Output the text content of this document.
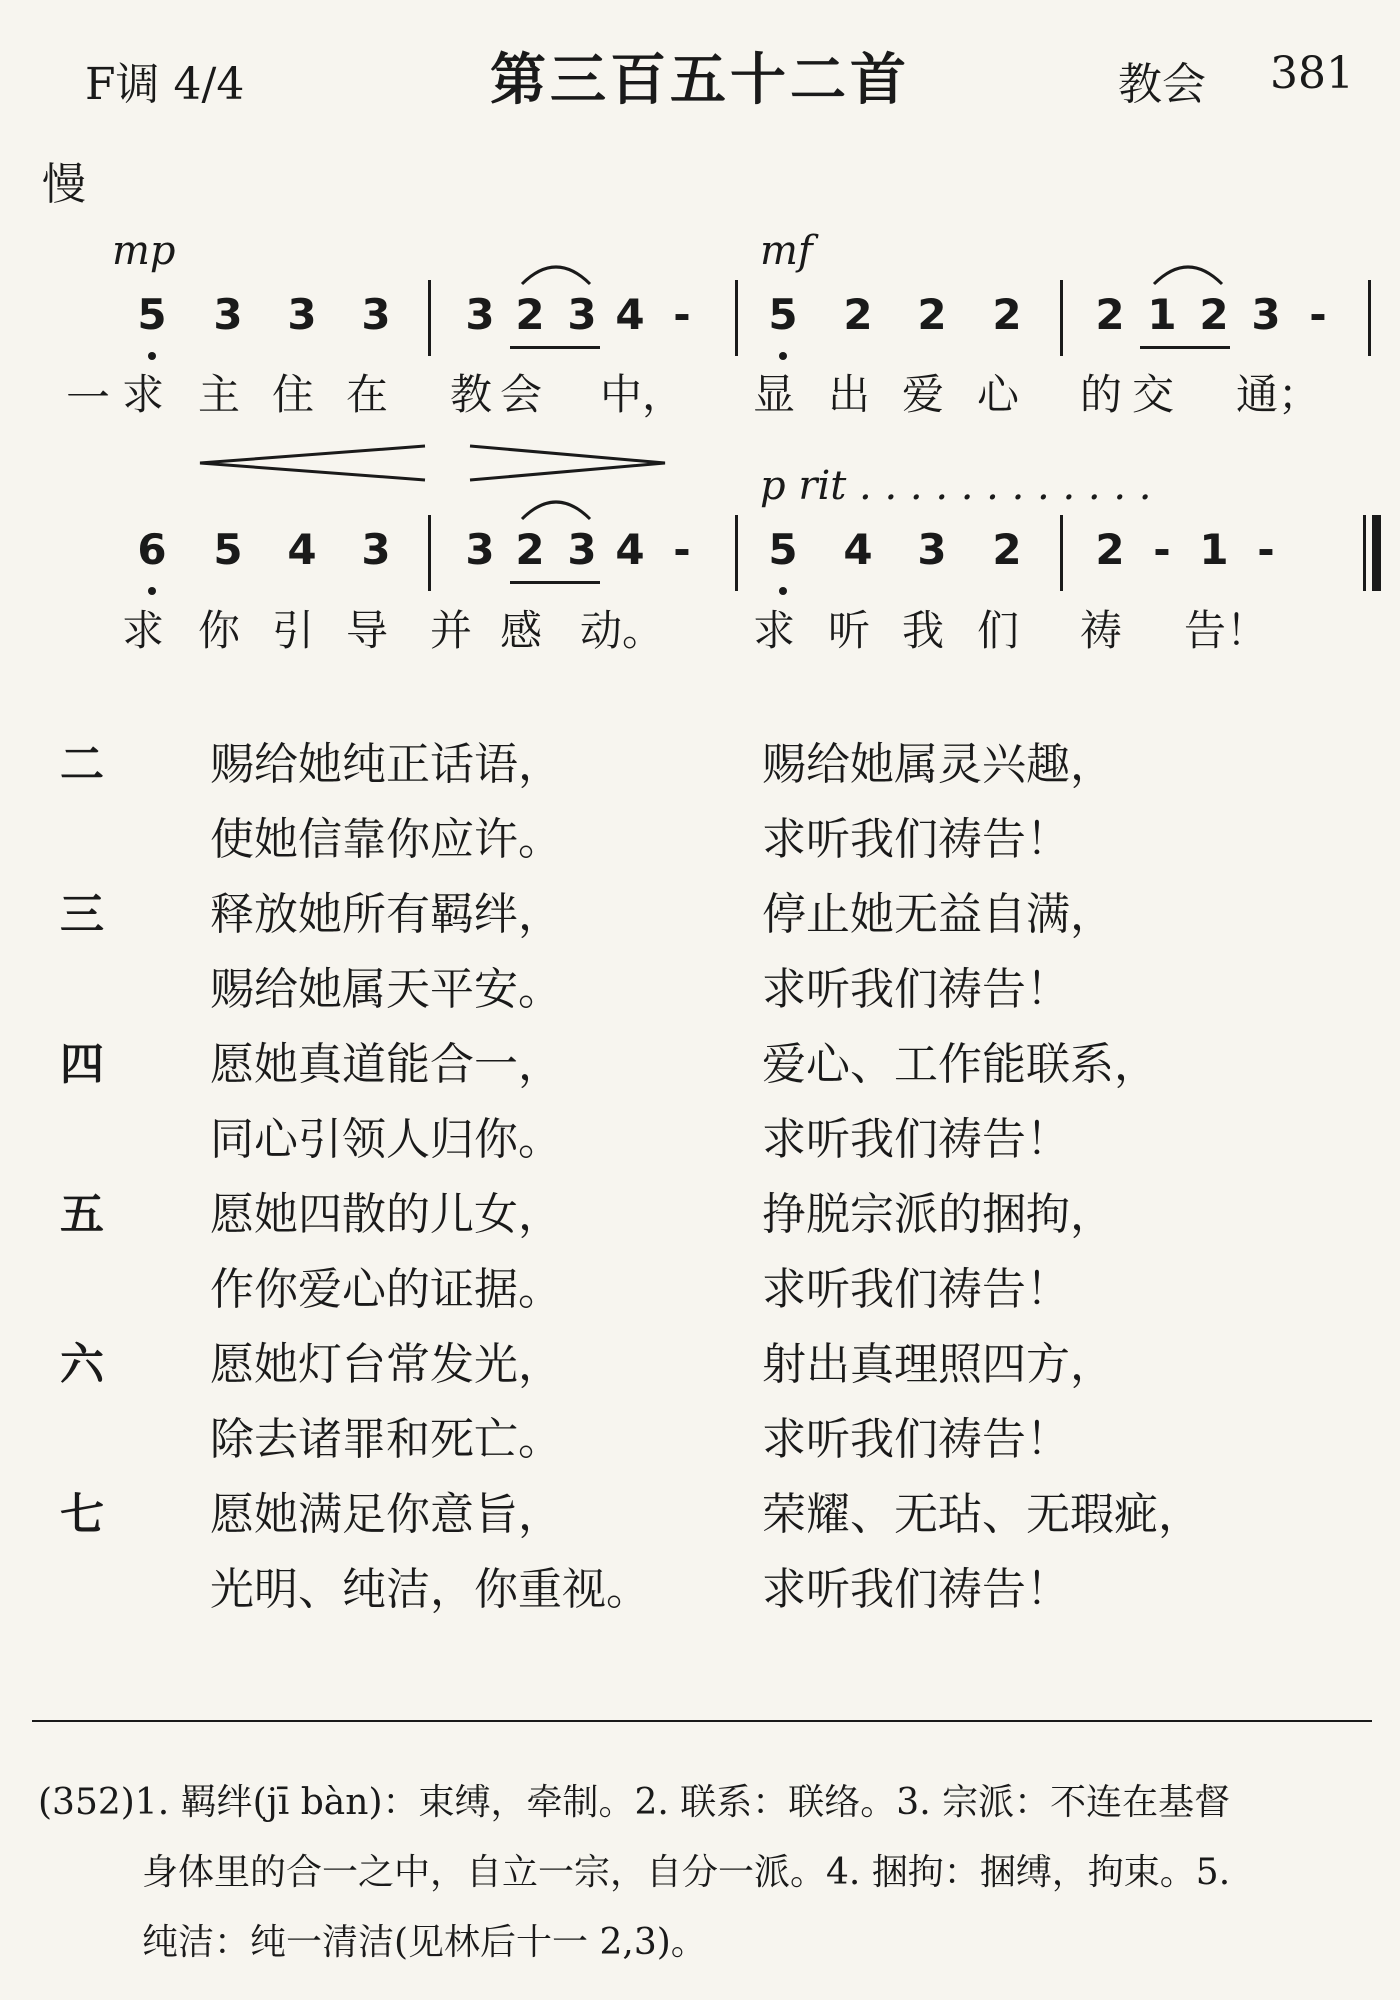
F调 4/4	第三百五十二首	教会 381
慢
mp	mf
p rit . . . . . . . . . . . .
5	3	3	3	3 2 3 4 -	5	2	2	2	2 1 2 3 -
6	5	4	3	3 2 3 4 -	5	4	3	2	2 - 1 -
一 求 主 住 在	教 会	中， 显 出 爱 心	的 交	通；
求 你 引 导 并 感 动。	求 听 我 们	祷	告！
二 赐给她纯正话语，	赐给她属灵兴趣，
使她信靠你应许。	求听我们祷告！
三 释放她所有羁绊，	停止她无益自满，
赐给她属天平安。	求听我们祷告！
四 愿她真道能合一，	爱心、工作能联系，
同心引领人归你。	求听我们祷告！
五 愿她四散的儿女，	挣脱宗派的捆拘，
作你爱心的证据。	求听我们祷告！
六 愿她灯台常发光，	射出真理照四方，
除去诸罪和死亡。	求听我们祷告！
七 愿她满足你意旨，	荣耀、无玷、无瑕疵，
光明、纯洁，你重视。	求听我们祷告！
(352)1. 羁绊(jī bàn)：束缚，牵制。2. 联系：联络。3. 宗派：不连在基督
身体里的合一之中，自立一宗，自分一派。4. 捆拘：捆缚，拘束。5.
纯洁：纯一清洁(见林后十一 2,3)。
